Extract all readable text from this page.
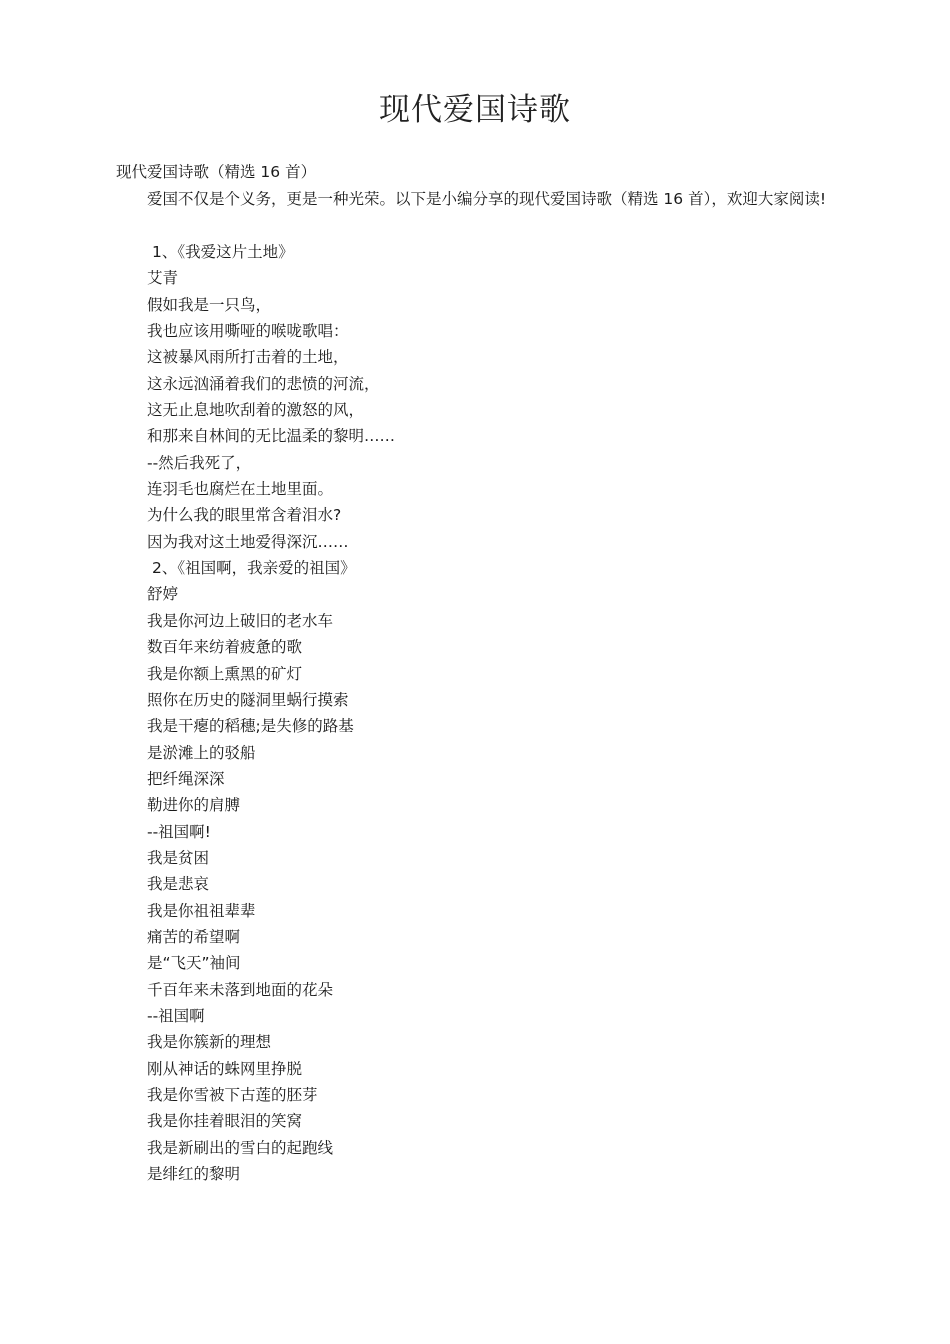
现代爱国诗歌
现代爱国诗歌（精选 16 首）

爱国不仅是个义务，更是一种光荣。以下是小编分享的现代爱国诗歌（精选 16 首），欢迎大家阅读!

1、《我爱这片土地》
艾青
假如我是一只鸟，
我也应该用嘶哑的喉咙歌唱：
这被暴风雨所打击着的土地，
这永远汹涌着我们的悲愤的河流，
这无止息地吹刮着的激怒的风，
和那来自林间的无比温柔的黎明……
--然后我死了，
连羽毛也腐烂在土地里面。
为什么我的眼里常含着泪水?
因为我对这土地爱得深沉……
2、《祖国啊，我亲爱的祖国》
舒婷
我是你河边上破旧的老水车
数百年来纺着疲惫的歌
我是你额上熏黑的矿灯
照你在历史的隧洞里蜗行摸索
我是干瘪的稻穗;是失修的路基
是淤滩上的驳船
把纤绳深深
勒进你的肩膊
--祖国啊!
我是贫困
我是悲哀
我是你祖祖辈辈
痛苦的希望啊
是“飞天”袖间
千百年来未落到地面的花朵
--祖国啊
我是你簇新的理想
刚从神话的蛛网里挣脱
我是你雪被下古莲的胚芽
我是你挂着眼泪的笑窝
我是新刷出的雪白的起跑线
是绯红的黎明
